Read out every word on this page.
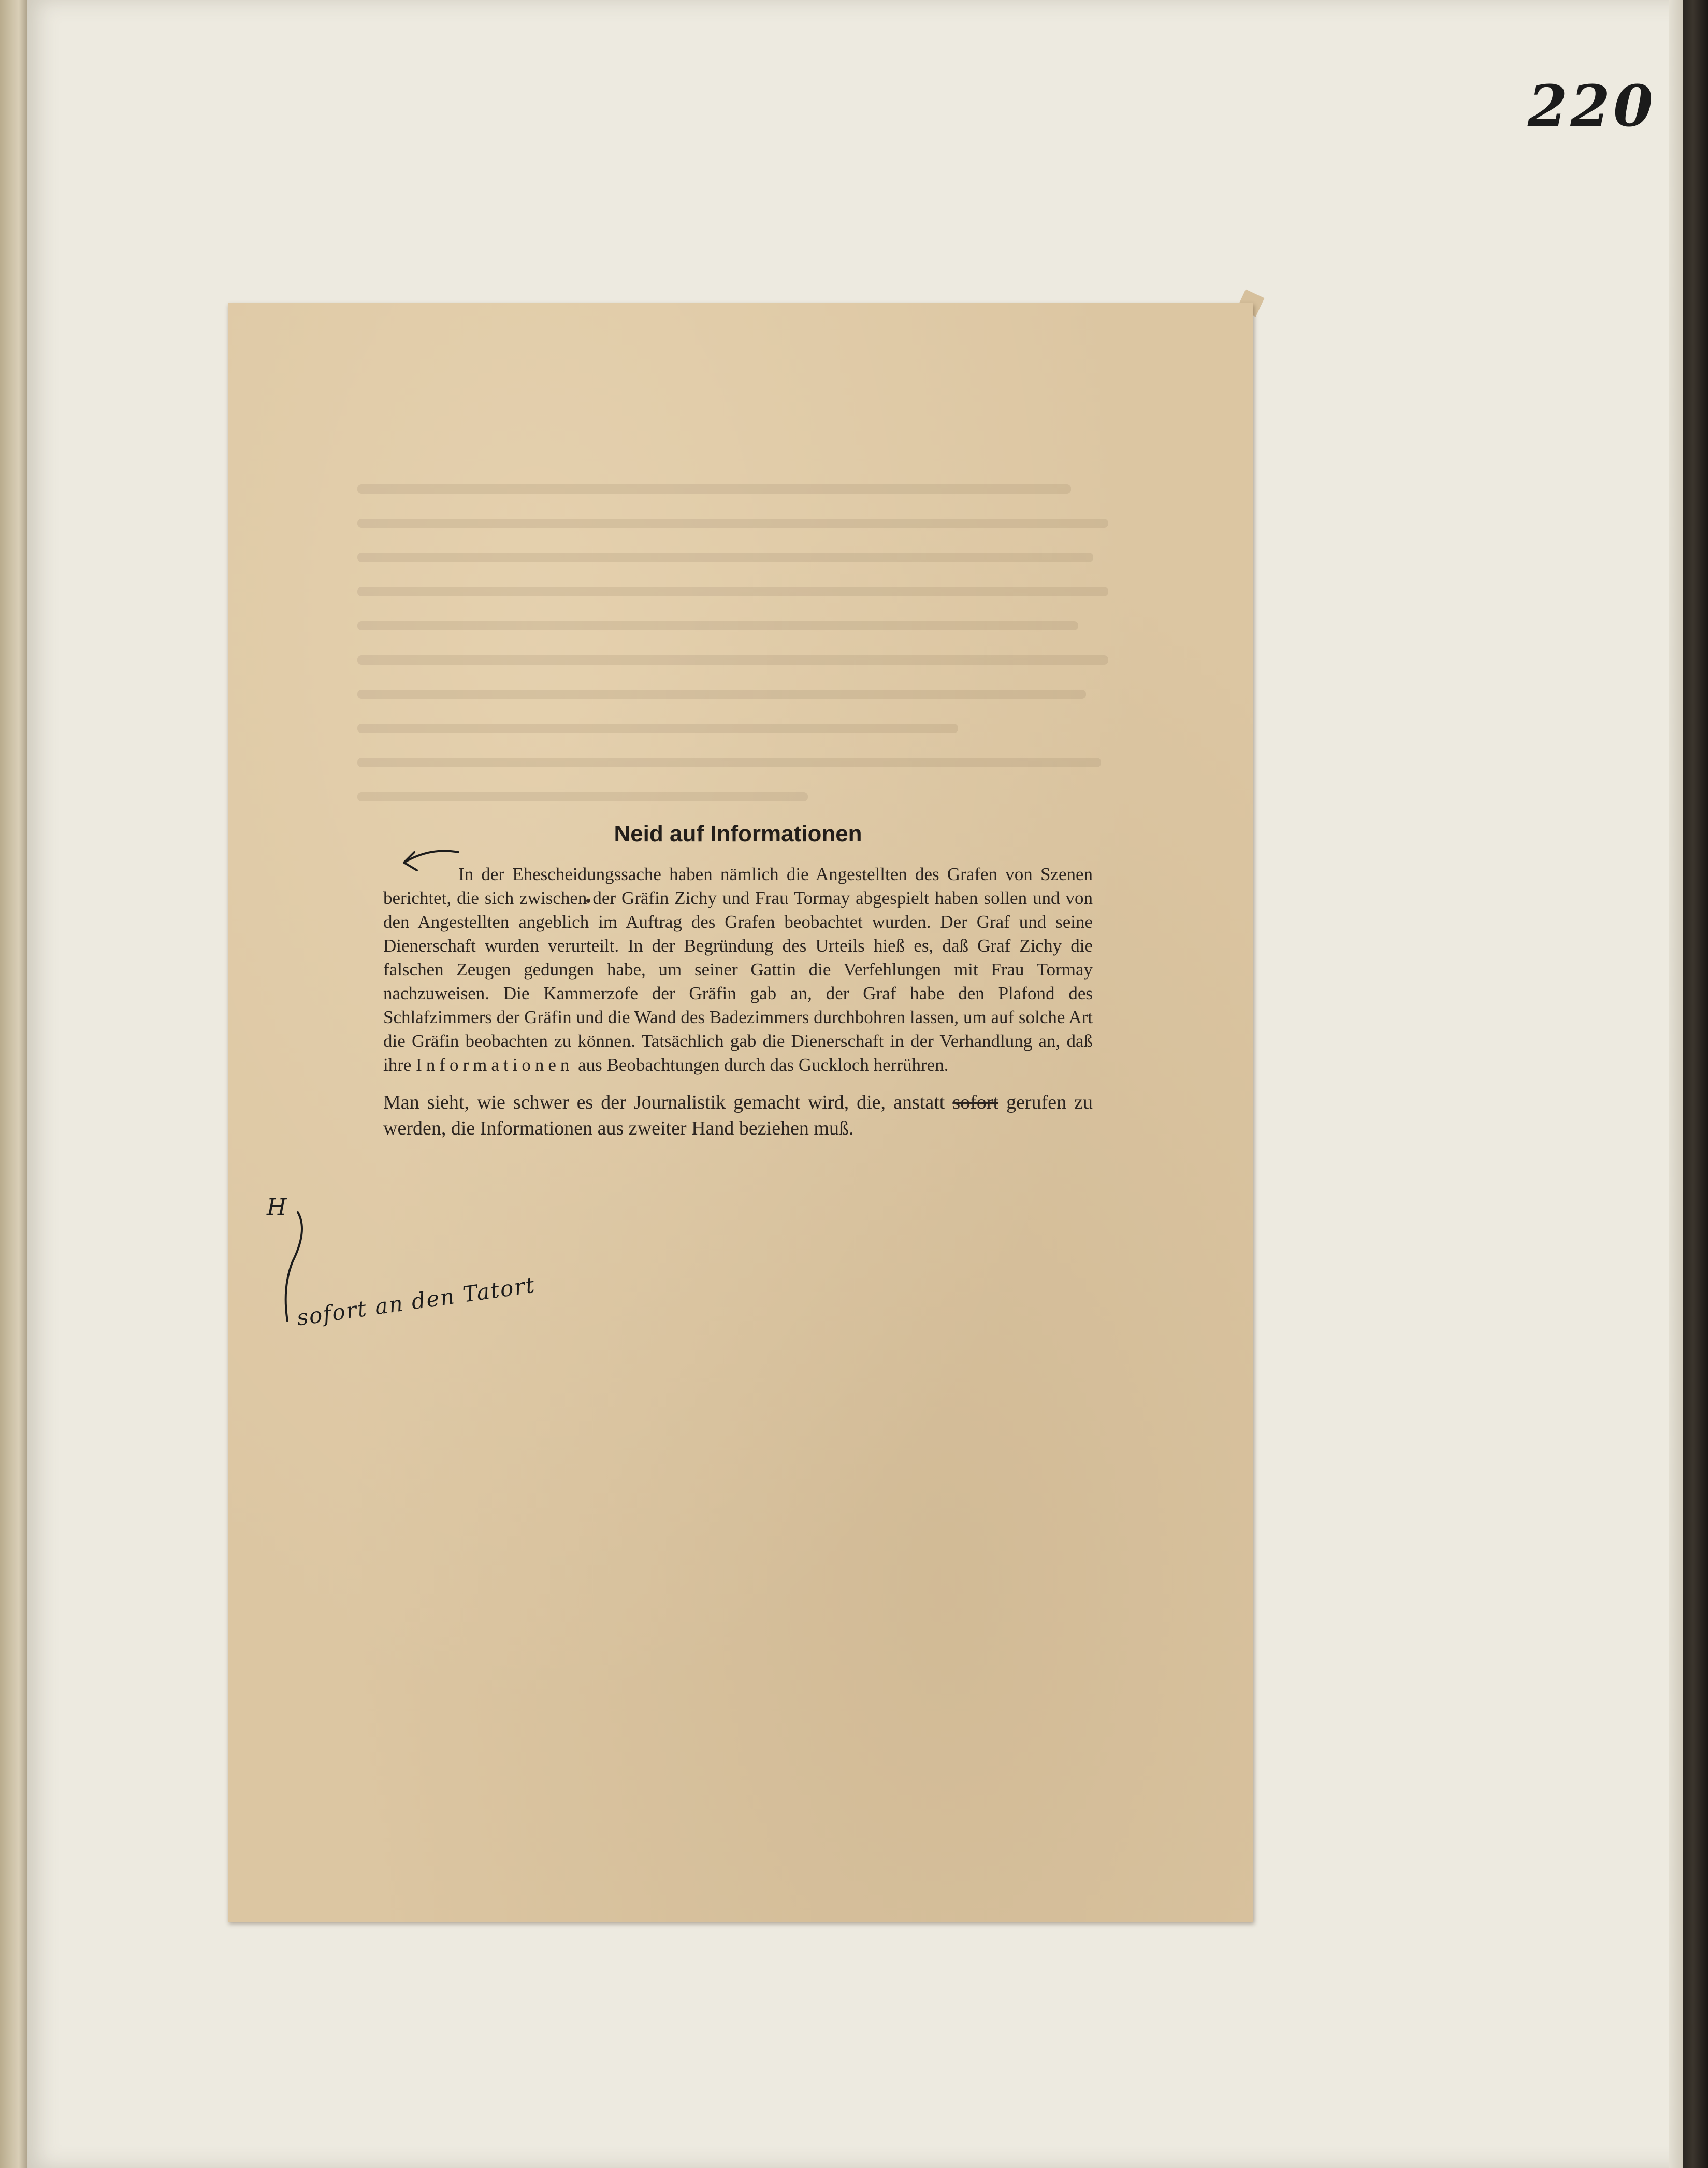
220
Neid auf Informationen

In der Ehescheidungssache haben nämlich die Angestellten des Grafen von Szenen berichtet, die sich zwischen der Gräfin Zichy und Frau Tormay abgespielt haben sollen und von den Angestellten angeblich im Auftrag des Grafen beobachtet wurden. Der Graf und seine Dienerschaft wurden verurteilt. In der Begründung des Urteils hieß es, daß Graf Zichy die falschen Zeugen gedungen habe, um seiner Gattin die Verfehlungen mit Frau Tormay nachzuweisen. Die Kammerzofe der Gräfin gab an, der Graf habe den Plafond des Schlafzimmers der Gräfin und die Wand des Badezimmers durchbohren lassen, um auf solche Art die Gräfin beobachten zu können. Tatsächlich gab die Dienerschaft in der Verhandlung an, daß ihre Informationen aus Beobachtungen durch das Guckloch herrühren.

Man sieht, wie schwer es der Journalistik gemacht wird, die, anstatt sofort gerufen zu werden, die Informationen aus zweiter Hand beziehen muß.

H
sofort an den Tatort
